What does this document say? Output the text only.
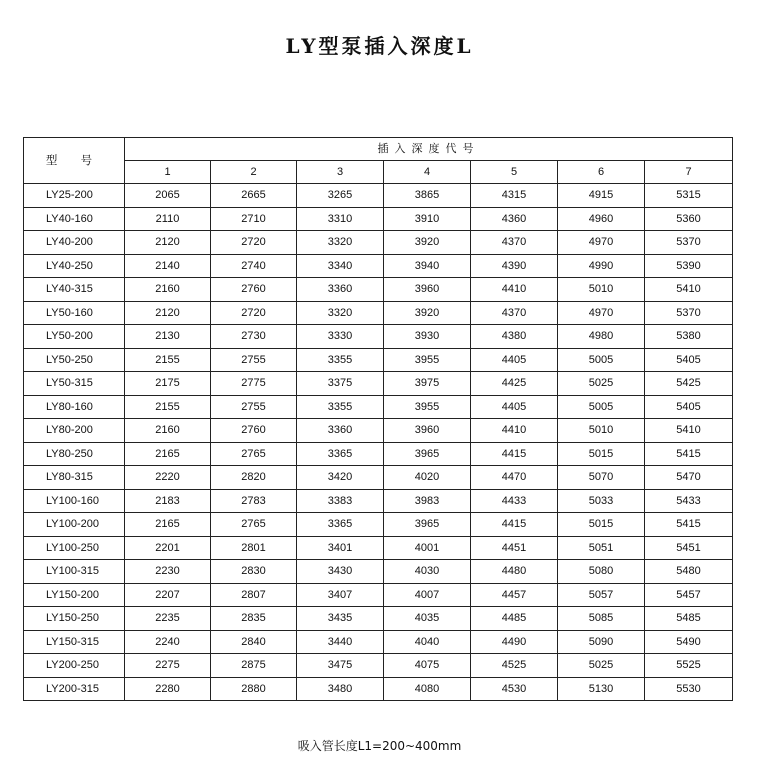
LY型泵插入深度L
型 号	插入深度代号						
	1	2	3	4	5	6	7
LY25-200	2065	2665	3265	3865	4315	4915	5315
LY40-160	2110	2710	3310	3910	4360	4960	5360
LY40-200	2120	2720	3320	3920	4370	4970	5370
LY40-250	2140	2740	3340	3940	4390	4990	5390
LY40-315	2160	2760	3360	3960	4410	5010	5410
LY50-160	2120	2720	3320	3920	4370	4970	5370
LY50-200	2130	2730	3330	3930	4380	4980	5380
LY50-250	2155	2755	3355	3955	4405	5005	5405
LY50-315	2175	2775	3375	3975	4425	5025	5425
LY80-160	2155	2755	3355	3955	4405	5005	5405
LY80-200	2160	2760	3360	3960	4410	5010	5410
LY80-250	2165	2765	3365	3965	4415	5015	5415
LY80-315	2220	2820	3420	4020	4470	5070	5470
LY100-160	2183	2783	3383	3983	4433	5033	5433
LY100-200	2165	2765	3365	3965	4415	5015	5415
LY100-250	2201	2801	3401	4001	4451	5051	5451
LY100-315	2230	2830	3430	4030	4480	5080	5480
LY150-200	2207	2807	3407	4007	4457	5057	5457
LY150-250	2235	2835	3435	4035	4485	5085	5485
LY150-315	2240	2840	3440	4040	4490	5090	5490
LY200-250	2275	2875	3475	4075	4525	5025	5525
LY200-315	2280	2880	3480	4080	4530	5130	5530
吸入管长度L1=200~400mm
